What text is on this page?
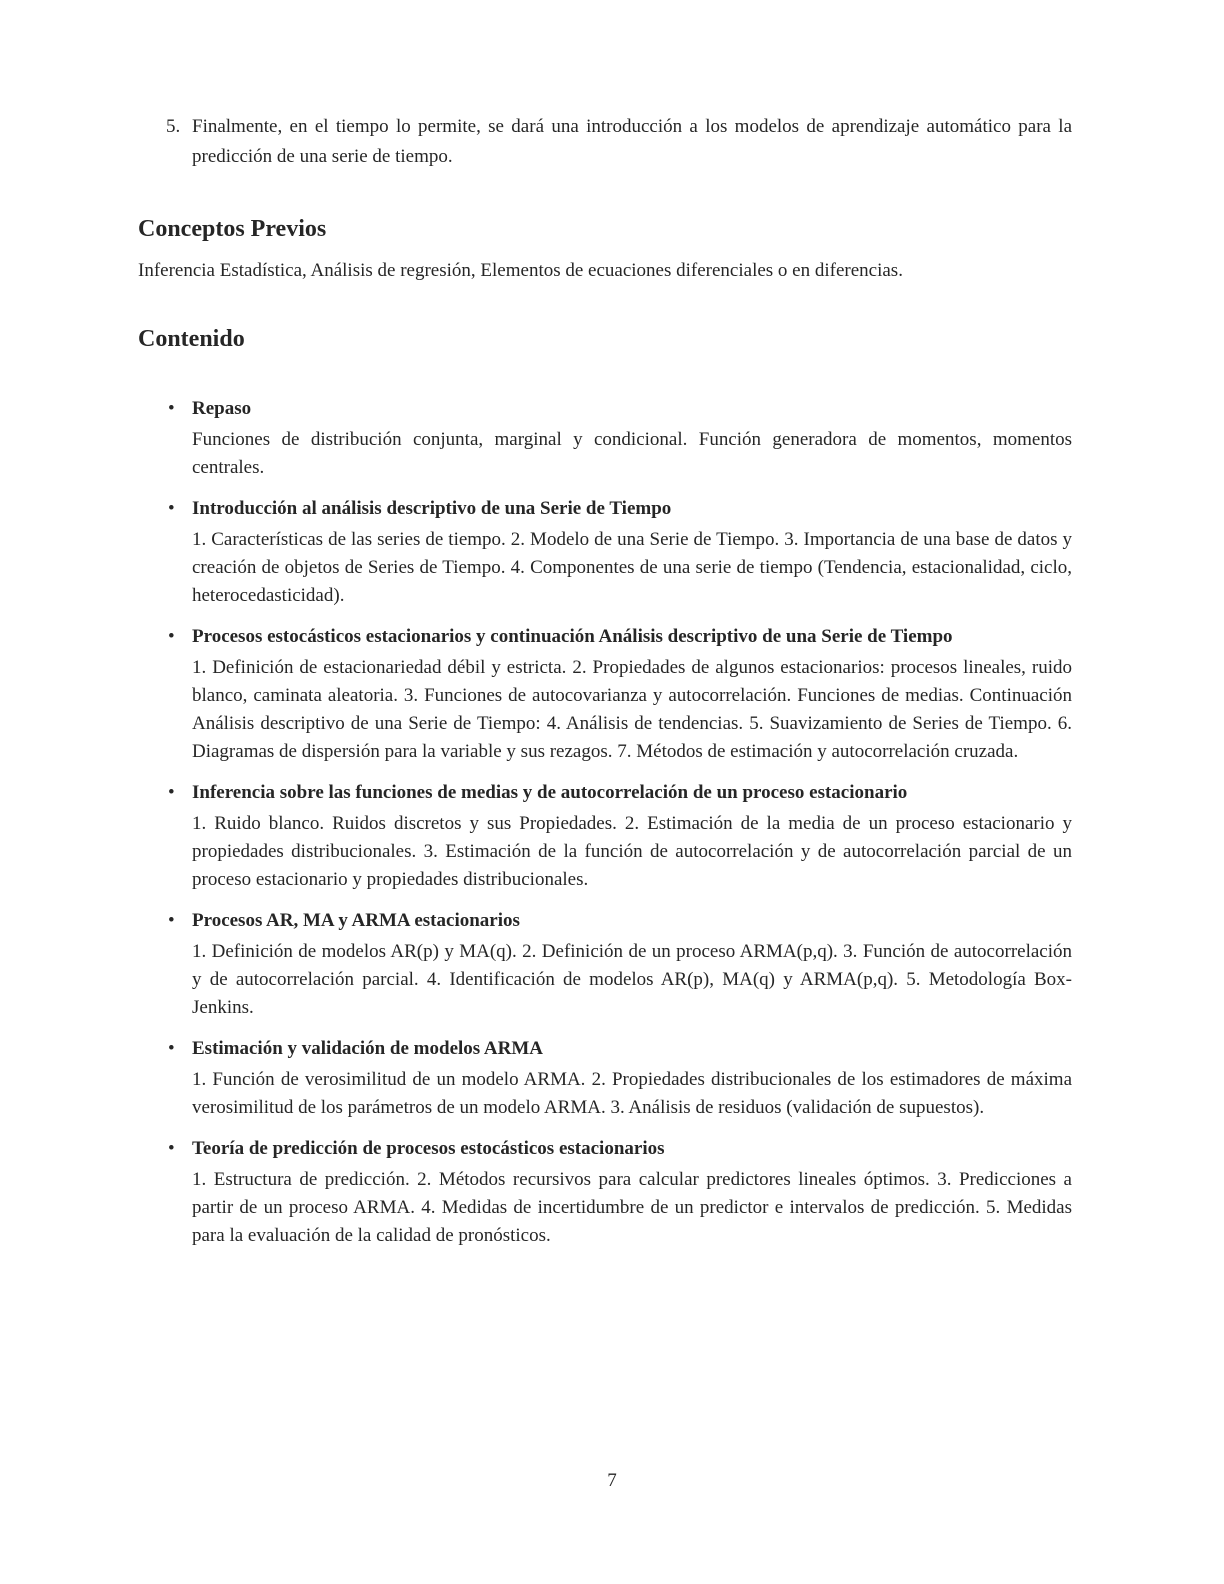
5. Finalmente, en el tiempo lo permite, se dará una introducción a los modelos de aprendizaje automático para la predicción de una serie de tiempo.
Conceptos Previos

Inferencia Estadística, Análisis de regresión, Elementos de ecuaciones diferenciales o en diferencias.

Contenido
• Repaso

Funciones de distribución conjunta, marginal y condicional. Función generadora de momentos, momentos centrales.

• Introducción al análisis descriptivo de una Serie de Tiempo

1. Características de las series de tiempo. 2. Modelo de una Serie de Tiempo. 3. Importancia de una base de datos y creación de objetos de Series de Tiempo. 4. Componentes de una serie de tiempo (Tendencia, estacionalidad, ciclo, heterocedasticidad).

• Procesos estocásticos estacionarios y continuación Análisis descriptivo de una Serie de Tiempo

1. Definición de estacionariedad débil y estricta. 2. Propiedades de algunos estacionarios: procesos lineales, ruido blanco, caminata aleatoria. 3. Funciones de autocovarianza y autocorrelación. Funciones de medias. Continuación Análisis descriptivo de una Serie de Tiempo: 4. Análisis de tendencias. 5. Suavizamiento de Series de Tiempo. 6. Diagramas de dispersión para la variable y sus rezagos. 7. Métodos de estimación y autocorrelación cruzada.

• Inferencia sobre las funciones de medias y de autocorrelación de un proceso estacionario

1. Ruido blanco. Ruidos discretos y sus Propiedades. 2. Estimación de la media de un proceso estacionario y propiedades distribucionales. 3. Estimación de la función de autocorrelación y de autocorrelación parcial de un proceso estacionario y propiedades distribucionales.

• Procesos AR, MA y ARMA estacionarios

1. Definición de modelos AR(p) y MA(q). 2. Definición de un proceso ARMA(p,q). 3. Función de autocorrelación y de autocorrelación parcial. 4. Identificación de modelos AR(p), MA(q) y ARMA(p,q). 5. Metodología Box-Jenkins.

• Estimación y validación de modelos ARMA

1. Función de verosimilitud de un modelo ARMA. 2. Propiedades distribucionales de los estimadores de máxima verosimilitud de los parámetros de un modelo ARMA. 3. Análisis de residuos (validación de supuestos).

• Teoría de predicción de procesos estocásticos estacionarios

1. Estructura de predicción. 2. Métodos recursivos para calcular predictores lineales óptimos. 3. Predicciones a partir de un proceso ARMA. 4. Medidas de incertidumbre de un predictor e intervalos de predicción. 5. Medidas para la evaluación de la calidad de pronósticos.

7
